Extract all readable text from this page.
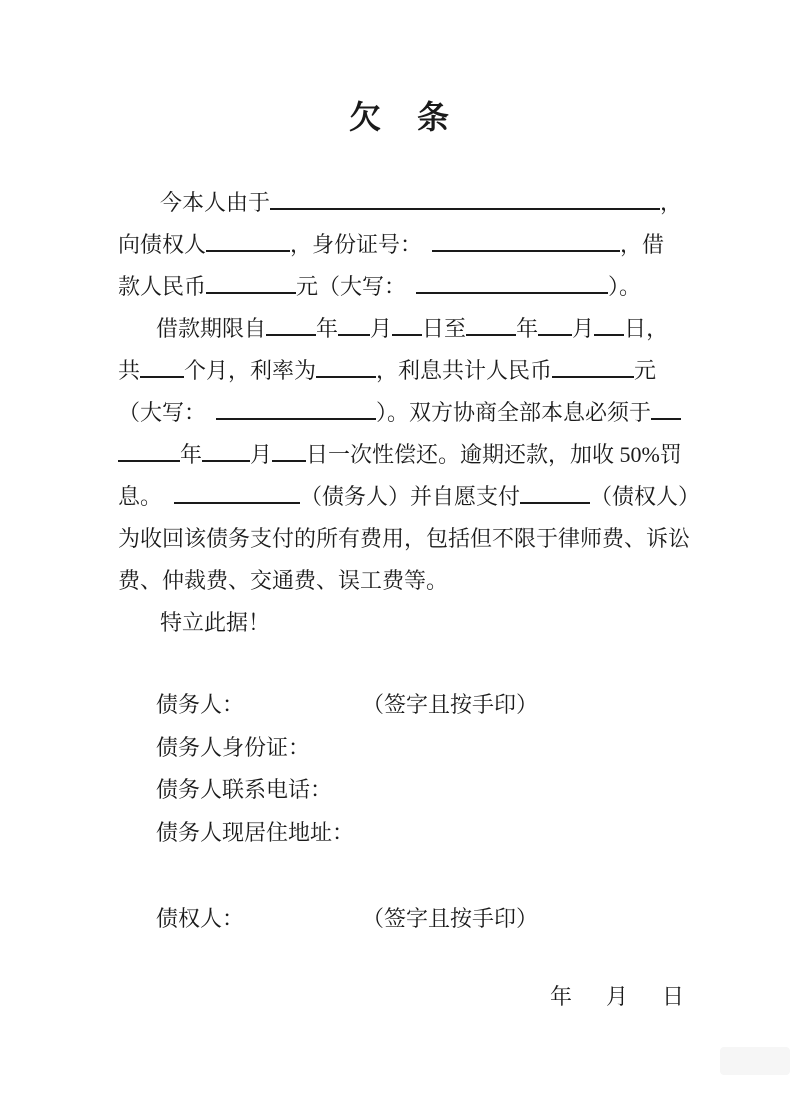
欠　条
今本人由于	，
向债权人	，身份证号：	，借
款人民币	元（大写：	）。
借款期限自 年 月 日至 年 月 日，
共 个月，利率为	，利息共计人民币	元
（大写：	）。双方协商全部本息必须于
年 月 日一次性偿还。逾期还款，加收 50%罚
息。	（债务人）并自愿支付	（债权人）
为收回该债务支付的所有费用，包括但不限于律师费、诉讼
费、仲裁费、交通费、误工费等。
特立此据！
债务人：	（签字且按手印）
债务人身份证：
债务人联系电话：
债务人现居住地址：
债权人：	（签字且按手印）
年 月 日
